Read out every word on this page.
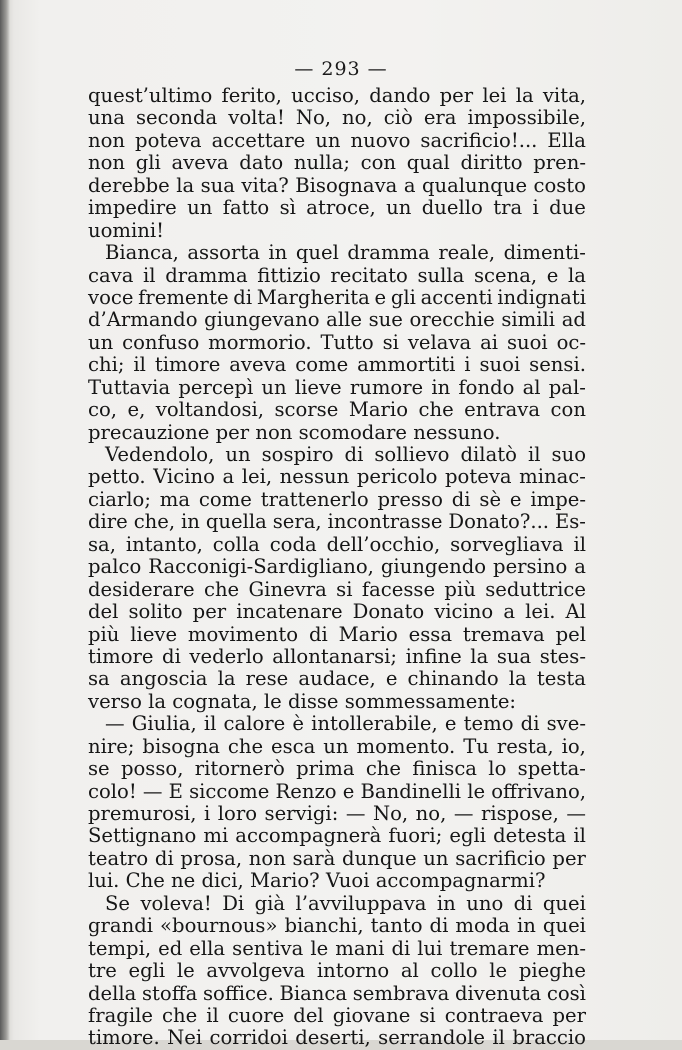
— 293 —
quest’ultimo ferito, ucciso, dando per lei la vita,
una seconda volta! No, no, ciò era impossibile,
non poteva accettare un nuovo sacrificio!... Ella
non gli aveva dato nulla; con qual diritto pren-
derebbe la sua vita? Bisognava a qualunque costo
impedire un fatto sì atroce, un duello tra i due
uomini!
Bianca, assorta in quel dramma reale, dimenti-
cava il dramma fittizio recitato sulla scena, e la
voce fremente di Margherita e gli accenti indignati
d’Armando giungevano alle sue orecchie simili ad
un confuso mormorio. Tutto si velava ai suoi oc-
chi; il timore aveva come ammortiti i suoi sensi.
Tuttavia percepì un lieve rumore in fondo al pal-
co, e, voltandosi, scorse Mario che entrava con
precauzione per non scomodare nessuno.
Vedendolo, un sospiro di sollievo dilatò il suo
petto. Vicino a lei, nessun pericolo poteva minac-
ciarlo; ma come trattenerlo presso di sè e impe-
dire che, in quella sera, incontrasse Donato?... Es-
sa, intanto, colla coda dell’occhio, sorvegliava il
palco Racconigi-Sardigliano, giungendo persino a
desiderare che Ginevra si facesse più seduttrice
del solito per incatenare Donato vicino a lei. Al
più lieve movimento di Mario essa tremava pel
timore di vederlo allontanarsi; infine la sua stes-
sa angoscia la rese audace, e chinando la testa
verso la cognata, le disse sommessamente:
— Giulia, il calore è intollerabile, e temo di sve-
nire; bisogna che esca un momento. Tu resta, io,
se posso, ritornerò prima che finisca lo spetta-
colo! — E siccome Renzo e Bandinelli le offrivano,
premurosi, i loro servigi: — No, no, — rispose, —
Settignano mi accompagnerà fuori; egli detesta il
teatro di prosa, non sarà dunque un sacrificio per
lui. Che ne dici, Mario? Vuoi accompagnarmi?
Se voleva! Di già l’avviluppava in uno di quei
grandi «bournous» bianchi, tanto di moda in quei
tempi, ed ella sentiva le mani di lui tremare men-
tre egli le avvolgeva intorno al collo le pieghe
della stoffa soffice. Bianca sembrava divenuta così
fragile che il cuore del giovane si contraeva per
timore. Nei corridoi deserti, serrandole il braccio
